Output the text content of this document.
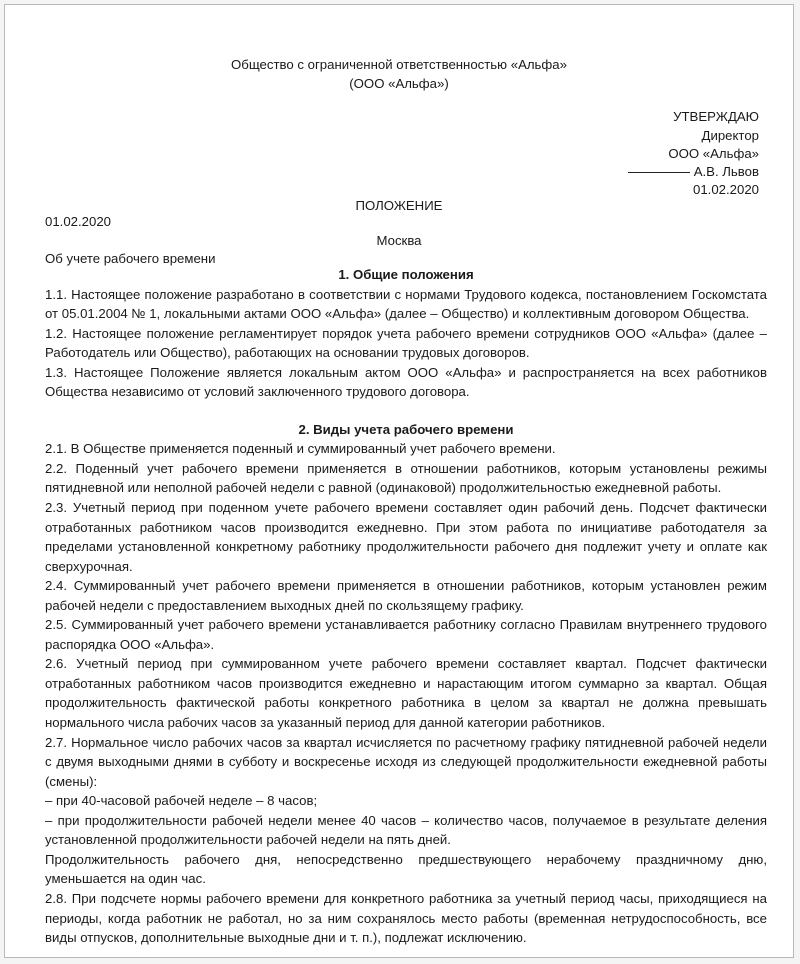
Общество с ограниченной ответственностью «Альфа»
(ООО «Альфа»)
УТВЕРЖДАЮ
Директор
ООО «Альфа»
А.В. Львов
01.02.2020
ПОЛОЖЕНИЕ
01.02.2020
Москва
Об учете рабочего времени

1. Общие положения

1.1. Настоящее положение разработано в соответствии с нормами Трудового кодекса, постановлением Госкомстата от 05.01.2004 № 1, локальными актами ООО «Альфа» (далее – Общество) и коллективным договором Общества.

1.2. Настоящее положение регламентирует порядок учета рабочего времени сотрудников ООО «Альфа» (далее – Работодатель или Общество), работающих на основании трудовых договоров.

1.3. Настоящее Положение является локальным актом ООО «Альфа» и распространяется на всех работников Общества независимо от условий заключенного трудового договора.

2. Виды учета рабочего времени

2.1. В Обществе применяется поденный и суммированный учет рабочего времени.

2.2. Поденный учет рабочего времени применяется в отношении работников, которым установлены режимы пятидневной или неполной рабочей недели с равной (одинаковой) продолжительностью ежедневной работы.

2.3. Учетный период при поденном учете рабочего времени составляет один рабочий день. Подсчет фактически отработанных работником часов производится ежедневно. При этом работа по инициативе работодателя за пределами установленной конкретному работнику продолжительности рабочего дня подлежит учету и оплате как сверхурочная.

2.4. Суммированный учет рабочего времени применяется в отношении работников, которым установлен режим рабочей недели с предоставлением выходных дней по скользящему графику.

2.5. Суммированный учет рабочего времени устанавливается работнику согласно Правилам внутреннего трудового распорядка ООО «Альфа».

2.6. Учетный период при суммированном учете рабочего времени составляет квартал. Подсчет фактически отработанных работником часов производится ежедневно и нарастающим итогом суммарно за квартал. Общая продолжительность фактической работы конкретного работника в целом за квартал не должна превышать нормального числа рабочих часов за указанный период для данной категории работников.

2.7. Нормальное число рабочих часов за квартал исчисляется по расчетному графику пятидневной рабочей недели с двумя выходными днями в субботу и воскресенье исходя из следующей продолжительности ежедневной работы (смены):

– при 40-часовой рабочей неделе – 8 часов;

– при продолжительности рабочей недели менее 40 часов – количество часов, получаемое в результате деления установленной продолжительности рабочей недели на пять дней.

Продолжительность рабочего дня, непосредственно предшествующего нерабочему праздничному дню, уменьшается на один час.

2.8. При подсчете нормы рабочего времени для конкретного работника за учетный период часы, приходящиеся на периоды, когда работник не работал, но за ним сохранялось место работы (временная нетрудоспособность, все виды отпусков, дополнительные выходные дни и т. п.), подлежат исключению.
